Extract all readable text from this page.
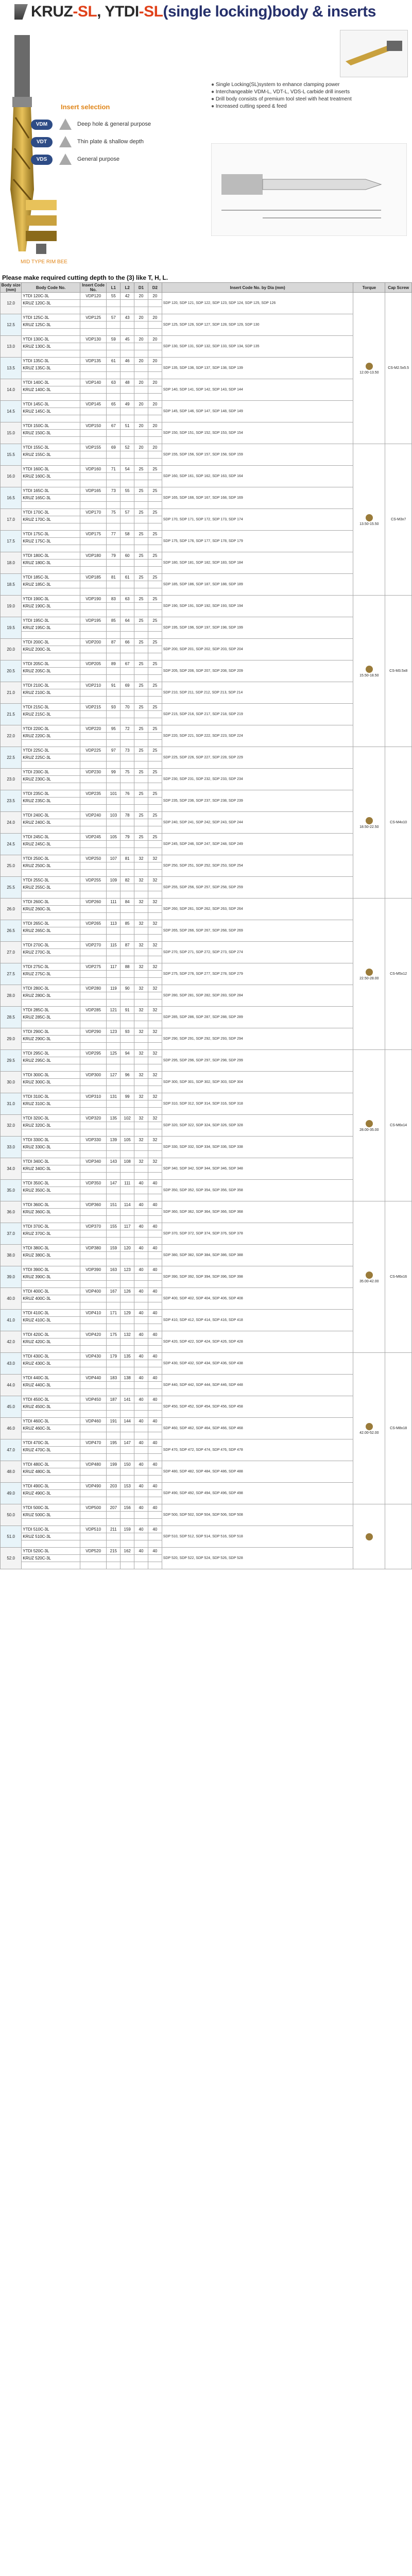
KRUZ-SL, YTDI-SL(single locking)body & inserts
● Single Locking(SL)system to enhance clamping power
● Interchangeable VDM-L, VDT-L, VDS-L carbide drill inserts
● Drill body consists of premium tool steel with heat treatment
● Increased cutting speed & feed
Insert selection
VDM	Deep hole & general purpose
VDT	Thin plate & shallow depth
VDS	General purpose
MID TYPE RIM BEE
Please make required cutting depth to the (3) like T, H, L.
Body size (mm)	Body Code No.	Insert Code No.	L1	L2	D1	D2	Insert Code No. by Dia (mm)	Torque	Cap Screw
12.0	YTDI 120C-3L	VDP120	55	42	20	20	SDP 120, SDP 121, SDP 122, SDP 123, SDP 124, SDP 125, SDP 126	12.00-13.50	CS-M2.5x5.5
	KRUZ 120C-3L								

12.5	YTDI 125C-3L	VDP125	57	43	20	20	SDP 125, SDP 126, SDP 127, SDP 128, SDP 129, SDP 130		
	KRUZ 125C-3L								

13.0	YTDI 130C-3L	VDP130	59	45	20	20	SDP 130, SDP 131, SDP 132, SDP 133, SDP 134, SDP 135		
	KRUZ 130C-3L								

13.5	YTDI 135C-3L	VDP135	61	46	20	20	SDP 135, SDP 136, SDP 137, SDP 138, SDP 139		
	KRUZ 135C-3L								

14.0	YTDI 140C-3L	VDP140	63	48	20	20	SDP 140, SDP 141, SDP 142, SDP 143, SDP 144		
	KRUZ 140C-3L								

14.5	YTDI 145C-3L	VDP145	65	49	20	20	SDP 145, SDP 146, SDP 147, SDP 148, SDP 149		
	KRUZ 145C-3L								

15.0	YTDI 150C-3L	VDP150	67	51	20	20	SDP 150, SDP 151, SDP 152, SDP 153, SDP 154		
	KRUZ 150C-3L								

15.5	YTDI 155C-3L	VDP155	69	52	20	20	SDP 155, SDP 156, SDP 157, SDP 158, SDP 159	13.50-15.50	CS-M3x7
	KRUZ 155C-3L								

16.0	YTDI 160C-3L	VDP160	71	54	25	25	SDP 160, SDP 161, SDP 162, SDP 163, SDP 164		
	KRUZ 160C-3L								

16.5	YTDI 165C-3L	VDP165	73	55	25	25	SDP 165, SDP 166, SDP 167, SDP 168, SDP 169		
	KRUZ 165C-3L								

17.0	YTDI 170C-3L	VDP170	75	57	25	25	SDP 170, SDP 171, SDP 172, SDP 173, SDP 174		
	KRUZ 170C-3L								

17.5	YTDI 175C-3L	VDP175	77	58	25	25	SDP 175, SDP 176, SDP 177, SDP 178, SDP 179		
	KRUZ 175C-3L								

18.0	YTDI 180C-3L	VDP180	79	60	25	25	SDP 180, SDP 181, SDP 182, SDP 183, SDP 184		
	KRUZ 180C-3L								

18.5	YTDI 185C-3L	VDP185	81	61	25	25	SDP 185, SDP 186, SDP 187, SDP 188, SDP 189		
	KRUZ 185C-3L								

19.0	YTDI 190C-3L	VDP190	83	63	25	25	SDP 190, SDP 191, SDP 192, SDP 193, SDP 194	15.50-18.50	CS-M3.5x8
	KRUZ 190C-3L								

19.5	YTDI 195C-3L	VDP195	85	64	25	25	SDP 195, SDP 196, SDP 197, SDP 198, SDP 199		
	KRUZ 195C-3L								

20.0	YTDI 200C-3L	VDP200	87	66	25	25	SDP 200, SDP 201, SDP 202, SDP 203, SDP 204		
	KRUZ 200C-3L								

20.5	YTDI 205C-3L	VDP205	89	67	25	25	SDP 205, SDP 206, SDP 207, SDP 208, SDP 209		
	KRUZ 205C-3L								

21.0	YTDI 210C-3L	VDP210	91	69	25	25	SDP 210, SDP 211, SDP 212, SDP 213, SDP 214		
	KRUZ 210C-3L								

21.5	YTDI 215C-3L	VDP215	93	70	25	25	SDP 215, SDP 216, SDP 217, SDP 218, SDP 219		
	KRUZ 215C-3L								

22.0	YTDI 220C-3L	VDP220	95	72	25	25	SDP 220, SDP 221, SDP 222, SDP 223, SDP 224		
	KRUZ 220C-3L								

22.5	YTDI 225C-3L	VDP225	97	73	25	25	SDP 225, SDP 226, SDP 227, SDP 228, SDP 229	18.50-22.50	CS-M4x10
	KRUZ 225C-3L								

23.0	YTDI 230C-3L	VDP230	99	75	25	25	SDP 230, SDP 231, SDP 232, SDP 233, SDP 234		
	KRUZ 230C-3L								

23.5	YTDI 235C-3L	VDP235	101	76	25	25	SDP 235, SDP 236, SDP 237, SDP 238, SDP 239		
	KRUZ 235C-3L								

24.0	YTDI 240C-3L	VDP240	103	78	25	25	SDP 240, SDP 241, SDP 242, SDP 243, SDP 244		
	KRUZ 240C-3L								

24.5	YTDI 245C-3L	VDP245	105	79	25	25	SDP 245, SDP 246, SDP 247, SDP 248, SDP 249		
	KRUZ 245C-3L								

25.0	YTDI 250C-3L	VDP250	107	81	32	32	SDP 250, SDP 251, SDP 252, SDP 253, SDP 254		
	KRUZ 250C-3L								

25.5	YTDI 255C-3L	VDP255	109	82	32	32	SDP 255, SDP 256, SDP 257, SDP 258, SDP 259		
	KRUZ 255C-3L								

26.0	YTDI 260C-3L	VDP260	111	84	32	32	SDP 260, SDP 261, SDP 262, SDP 263, SDP 264	22.50-28.00	CS-M5x12
	KRUZ 260C-3L								

26.5	YTDI 265C-3L	VDP265	113	85	32	32	SDP 265, SDP 266, SDP 267, SDP 268, SDP 269		
	KRUZ 265C-3L								

27.0	YTDI 270C-3L	VDP270	115	87	32	32	SDP 270, SDP 271, SDP 272, SDP 273, SDP 274		
	KRUZ 270C-3L								

27.5	YTDI 275C-3L	VDP275	117	88	32	32	SDP 275, SDP 276, SDP 277, SDP 278, SDP 279		
	KRUZ 275C-3L								

28.0	YTDI 280C-3L	VDP280	119	90	32	32	SDP 280, SDP 281, SDP 282, SDP 283, SDP 284		
	KRUZ 280C-3L								

28.5	YTDI 285C-3L	VDP285	121	91	32	32	SDP 285, SDP 286, SDP 287, SDP 288, SDP 289		
	KRUZ 285C-3L								

29.0	YTDI 290C-3L	VDP290	123	93	32	32	SDP 290, SDP 291, SDP 292, SDP 293, SDP 294		
	KRUZ 290C-3L								

29.5	YTDI 295C-3L	VDP295	125	94	32	32	SDP 295, SDP 296, SDP 297, SDP 298, SDP 299	28.00-35.00	CS-M6x14
	KRUZ 295C-3L								

30.0	YTDI 300C-3L	VDP300	127	96	32	32	SDP 300, SDP 301, SDP 302, SDP 303, SDP 304		
	KRUZ 300C-3L								

31.0	YTDI 310C-3L	VDP310	131	99	32	32	SDP 310, SDP 312, SDP 314, SDP 316, SDP 318		
	KRUZ 310C-3L								

32.0	YTDI 320C-3L	VDP320	135	102	32	32	SDP 320, SDP 322, SDP 324, SDP 326, SDP 328		
	KRUZ 320C-3L								

33.0	YTDI 330C-3L	VDP330	139	105	32	32	SDP 330, SDP 332, SDP 334, SDP 336, SDP 338		
	KRUZ 330C-3L								

34.0	YTDI 340C-3L	VDP340	143	108	32	32	SDP 340, SDP 342, SDP 344, SDP 346, SDP 348		
	KRUZ 340C-3L								

35.0	YTDI 350C-3L	VDP350	147	111	40	40	SDP 350, SDP 352, SDP 354, SDP 356, SDP 358		
	KRUZ 350C-3L								

36.0	YTDI 360C-3L	VDP360	151	114	40	40	SDP 360, SDP 362, SDP 364, SDP 366, SDP 368	35.00-42.00	CS-M6x16
	KRUZ 360C-3L								

37.0	YTDI 370C-3L	VDP370	155	117	40	40	SDP 370, SDP 372, SDP 374, SDP 376, SDP 378		
	KRUZ 370C-3L								

38.0	YTDI 380C-3L	VDP380	159	120	40	40	SDP 380, SDP 382, SDP 384, SDP 386, SDP 388		
	KRUZ 380C-3L								

39.0	YTDI 390C-3L	VDP390	163	123	40	40	SDP 390, SDP 392, SDP 394, SDP 396, SDP 398		
	KRUZ 390C-3L								

40.0	YTDI 400C-3L	VDP400	167	126	40	40	SDP 400, SDP 402, SDP 404, SDP 406, SDP 408		
	KRUZ 400C-3L								

41.0	YTDI 410C-3L	VDP410	171	129	40	40	SDP 410, SDP 412, SDP 414, SDP 416, SDP 418		
	KRUZ 410C-3L								

42.0	YTDI 420C-3L	VDP420	175	132	40	40	SDP 420, SDP 422, SDP 424, SDP 426, SDP 428		
	KRUZ 420C-3L								

43.0	YTDI 430C-3L	VDP430	179	135	40	40	SDP 430, SDP 432, SDP 434, SDP 436, SDP 438	42.00-52.00	CS-M8x18
	KRUZ 430C-3L								

44.0	YTDI 440C-3L	VDP440	183	138	40	40	SDP 440, SDP 442, SDP 444, SDP 446, SDP 448		
	KRUZ 440C-3L								

45.0	YTDI 450C-3L	VDP450	187	141	40	40	SDP 450, SDP 452, SDP 454, SDP 456, SDP 458		
	KRUZ 450C-3L								

46.0	YTDI 460C-3L	VDP460	191	144	40	40	SDP 460, SDP 462, SDP 464, SDP 466, SDP 468		
	KRUZ 460C-3L								

47.0	YTDI 470C-3L	VDP470	195	147	40	40	SDP 470, SDP 472, SDP 474, SDP 476, SDP 478		
	KRUZ 470C-3L								

48.0	YTDI 480C-3L	VDP480	199	150	40	40	SDP 480, SDP 482, SDP 484, SDP 486, SDP 488		
	KRUZ 480C-3L								

49.0	YTDI 490C-3L	VDP490	203	153	40	40	SDP 490, SDP 492, SDP 494, SDP 496, SDP 498		
	KRUZ 490C-3L								

50.0	YTDI 500C-3L	VDP500	207	156	40	40	SDP 500, SDP 502, SDP 504, SDP 506, SDP 508	

	KRUZ 500C-3L								

51.0	YTDI 510C-3L	VDP510	211	159	40	40	SDP 510, SDP 512, SDP 514, SDP 516, SDP 518		
	KRUZ 510C-3L								

52.0	YTDI 520C-3L	VDP520	215	162	40	40	SDP 520, SDP 522, SDP 524, SDP 526, SDP 528		
	KRUZ 520C-3L								
